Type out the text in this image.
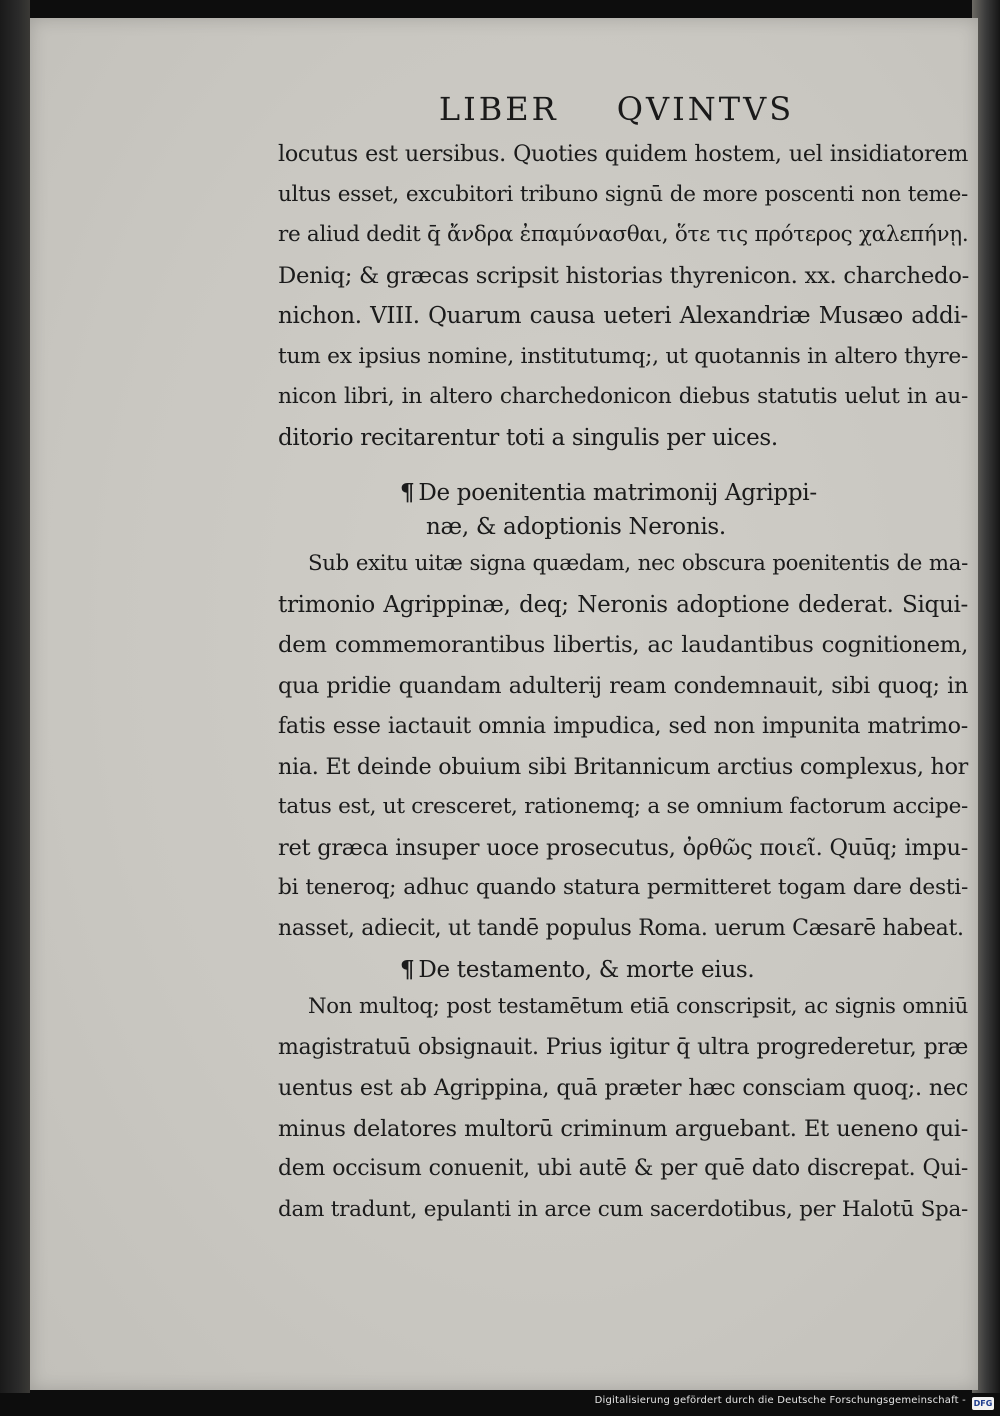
LIBER QVINTVS
locutus est uersibus. Quoties quidem hostem, uel insidiatorem
ultus esset, excubitori tribuno signū de more poscenti non teme-
re aliud dedit q̄ ἄνδρα ἐπαμύνασθαι, ὅτε τις πρότερος χαλεπήνῃ.
Deniq; & græcas scripsit historias thyrenicon. xx. charchedo-
nichon. VIII. Quarum causa ueteri Alexandriæ Musæo addi-
tum ex ipsius nomine, institutumq;, ut quotannis in altero thyre-
nicon libri, in altero charchedonicon diebus statutis uelut in au-
ditorio recitarentur toti a singulis per uices.
¶ De poenitentia matrimonij Agrippi-
næ, & adoptionis Neronis.
Sub exitu uitæ signa quædam, nec obscura poenitentis de ma-
trimonio Agrippinæ, deq; Neronis adoptione dederat. Siqui-
dem commemorantibus libertis, ac laudantibus cognitionem,
qua pridie quandam adulterij ream condemnauit, sibi quoq; in
fatis esse iactauit omnia impudica, sed non impunita matrimo-
nia. Et deinde obuium sibi Britannicum arctius complexus, hor
tatus est, ut cresceret, rationemq; a se omnium factorum accipe-
ret græca insuper uoce prosecutus, ὀρθῶς ποιεῖ. Quūq; impu-
bi teneroq; adhuc quando statura permitteret togam dare desti-
nasset, adiecit, ut tandē populus Roma. uerum Cæsarē habeat.
¶ De testamento, & morte eius.
Non multoq; post testamētum etiā conscripsit, ac signis omniū
magistratuū obsignauit. Prius igitur q̄ ultra progrederetur, præ
uentus est ab Agrippina, quā præter hæc consciam quoq;. nec
minus delatores multorū criminum arguebant. Et ueneno qui-
dem occisum conuenit, ubi autē & per quē dato discrepat. Qui-
dam tradunt, epulanti in arce cum sacerdotibus, per Halotū Spa-
Digitalisierung gefördert durch die Deutsche Forschungsgemeinschaft - DFG
